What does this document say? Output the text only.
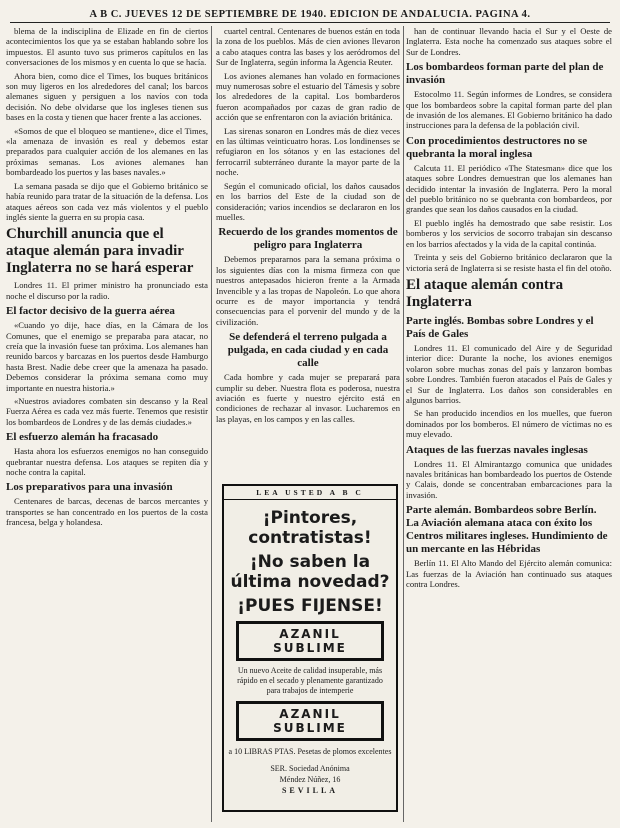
A B C. JUEVES 12 DE SEPTIEMBRE DE 1940. EDICION DE ANDALUCIA. PAGINA 4.

blema de la indisciplina de Elizade en fin de ciertos acontecimientos los que ya se estaban hablando sobre los impuestos. El asunto tuvo sus primeros capítulos en las conversaciones de los mismos y en cuenta lo que se hacía.

Ahora bien, como dice el Times, los buques británicos son muy ligeros en los alrededores del canal; los barcos alemanes siguen y persiguen a los navíos con toda decisión. No debe olvidarse que los ingleses tienen sus bases en la costa y tienen que hacer frente a las acciones.

«Somos de que el bloqueo se mantiene», dice el Times, «la amenaza de invasión es real y debemos estar preparados para cualquier acción de los alemanes en las próximas semanas. Los aviones alemanes han bombardeado los puertos y las bases navales.»

La semana pasada se dijo que el Gobierno británico se había reunido para tratar de la situación de la defensa. Los ataques aéreos son cada vez más violentos y el pueblo inglés siente la guerra en su propia casa.

Churchill anuncia que el ataque alemán para invadir Inglaterra no se hará esperar

Londres 11. El primer ministro ha pronunciado esta noche el discurso por la radio.

El factor decisivo de la guerra aérea

«Cuando yo dije, hace días, en la Cámara de los Comunes, que el enemigo se preparaba para atacar, no creía que la invasión fuese tan próxima. Los alemanes han reunido barcos y barcazas en los puertos desde Hamburgo hasta Brest. Nadie debe creer que la amenaza ha pasado. Debemos considerar la próxima semana como muy importante en nuestra historia.»

«Nuestros aviadores combaten sin descanso y la Real Fuerza Aérea es cada vez más fuerte. Tenemos que resistir los bombardeos de Londres y de las demás ciudades.»

El esfuerzo alemán ha fracasado

Hasta ahora los esfuerzos enemigos no han conseguido quebrantar nuestra defensa. Los ataques se repiten día y noche contra la capital.

Los preparativos para una invasión

Centenares de barcas, decenas de barcos mercantes y transportes se han concentrado en los puertos de la costa francesa, belga y holandesa.

cuartel central. Centenares de buenos están en toda la zona de los pueblos. Más de cien aviones llevaron a cabo ataques contra las bases y los aeródromos del Sur de Inglaterra, según informa la Agencia Reuter.

Los aviones alemanes han volado en formaciones muy numerosas sobre el estuario del Támesis y sobre los alrededores de la capital. Los bombarderos fueron acompañados por cazas de gran radio de acción que se enfrentaron con la aviación británica.

Las sirenas sonaron en Londres más de diez veces en las últimas veinticuatro horas. Los londinenses se refugiaron en los sótanos y en las estaciones del ferrocarril subterráneo durante la mayor parte de la noche.

Según el comunicado oficial, los daños causados en los barrios del Este de la ciudad son de consideración; varios incendios se declararon en los muelles.

Recuerdo de los grandes momentos de peligro para Inglaterra

Debemos prepararnos para la semana próxima o los siguientes días con la misma firmeza con que nuestros antepasados hicieron frente a la Armada Invencible y a las tropas de Napoleón. Lo que ahora ocurre es de mayor importancia y tendrá consecuencias para el porvenir del mundo y de la civilización.

Se defenderá el terreno pulgada a pulgada, en cada ciudad y en cada calle

Cada hombre y cada mujer se preparará para cumplir su deber. Nuestra flota es poderosa, nuestra aviación es fuerte y nuestro ejército está en condiciones de rechazar al invasor. Lucharemos en las playas, en los campos y en las calles.

LEA USTED A B C
¡Pintores, contratistas!
¡No saben la última novedad?
¡PUES FIJENSE!
AZANIL SUBLIME
Un nuevo Aceite de calidad insuperable, más rápido en el secado y plenamente garantizado para trabajos de intemperie
AZANIL SUBLIME
a 10 LIBRAS PTAS. Pesetas de plomos excelentes
SER. Sociedad Anónima
Méndez Núñez, 16
SEVILLA

han de continuar llevando hacia el Sur y el Oeste de Inglaterra. Esta noche ha comenzado sus ataques sobre el Sur de Londres.

Los bombardeos forman parte del plan de invasión

Estocolmo 11. Según informes de Londres, se considera que los bombardeos sobre la capital forman parte del plan de invasión de los alemanes. El Gobierno británico ha dado instrucciones para la defensa de la población civil.

Con procedimientos destructores no se quebranta la moral inglesa

Calcuta 11. El periódico «The Statesman» dice que los ataques sobre Londres demuestran que los alemanes han decidido intentar la invasión de Inglaterra. Pero la moral del pueblo británico no se quebranta con bombardeos, por grandes que sean los daños causados en la ciudad.

El pueblo inglés ha demostrado que sabe resistir. Los bomberos y los servicios de socorro trabajan sin descanso en los barrios afectados y la vida de la capital continúa.

Treinta y seis del Gobierno británico declararon que la victoria será de Inglaterra si se resiste hasta el fin del otoño.

El ataque alemán contra Inglaterra
Parte inglés. Bombas sobre Londres y el País de Gales

Londres 11. El comunicado del Aire y de Seguridad interior dice: Durante la noche, los aviones enemigos volaron sobre muchas zonas del país y lanzaron bombas sobre Londres. También fueron atacados el País de Gales y el Sur de Inglaterra. Los daños son considerables en algunos barrios.

Se han producido incendios en los muelles, que fueron dominados por los bomberos. El número de víctimas no es muy elevado.

Ataques de las fuerzas navales inglesas

Londres 11. El Almirantazgo comunica que unidades navales británicas han bombardeado los puertos de Ostende y Calais, donde se concentraban embarcaciones para la invasión.

Parte alemán. Bombardeos sobre Berlín. La Aviación alemana ataca con éxito los Centros militares ingleses. Hundimiento de un mercante en las Hébridas

Berlín 11. El Alto Mando del Ejército alemán comunica: Las fuerzas de la Aviación han continuado sus ataques contra Londres.
